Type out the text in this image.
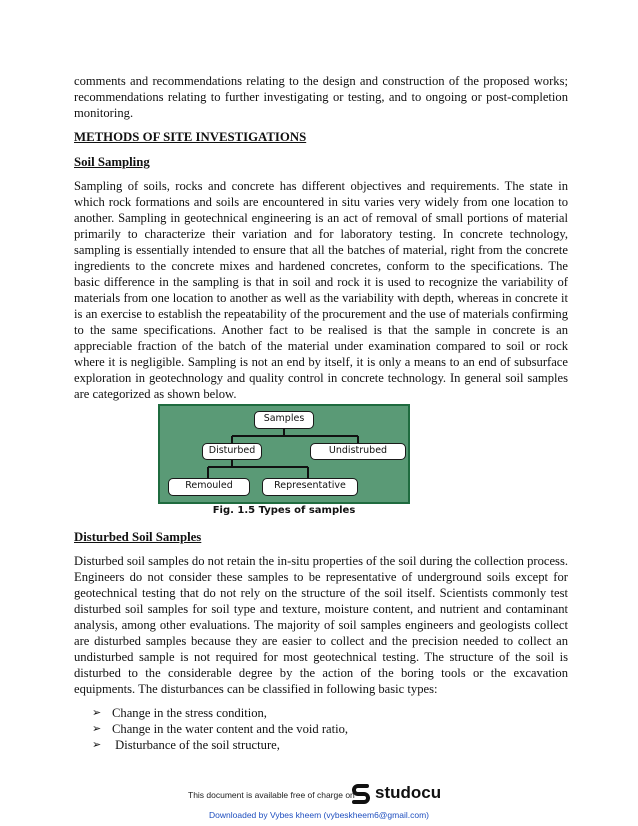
comments and recommendations relating to the design and construction of the proposed works; recommendations relating to further investigating or testing, and to ongoing or post-completion monitoring.

METHODS OF SITE INVESTIGATIONS

Soil Sampling

Sampling of soils, rocks and concrete has different objectives and requirements. The state in which rock formations and soils are encountered in situ varies very widely from one location to another. Sampling in geotechnical engineering is an act of removal of small portions of material primarily to characterize their variation and for laboratory testing. In concrete technology, sampling is essentially intended to ensure that all the batches of material, right from the concrete ingredients to the concrete mixes and hardened concretes, conform to the specifications. The basic difference in the sampling is that in soil and rock it is used to recognize the variability of materials from one location to another as well as the variability with depth, whereas in concrete it is an exercise to establish the repeatability of the procurement and the use of materials confirming to the same specifications. Another fact to be realised is that the sample in concrete is an appreciable fraction of the batch of the material under examination compared to soil or rock where it is negligible. Sampling is not an end by itself, it is only a means to an end of subsurface exploration in geotechnology and quality control in concrete technology. In general soil samples are categorized as shown below.

Samples
Disturbed	Undistrubed
Remouled	Representative
Fig. 1.5 Types of samples

Disturbed Soil Samples

Disturbed soil samples do not retain the in-situ properties of the soil during the collection process. Engineers do not consider these samples to be representative of underground soils except for geotechnical testing that do not rely on the structure of the soil itself. Scientists commonly test disturbed soil samples for soil type and texture, moisture content, and nutrient and contaminant analysis, among other evaluations. The majority of soil samples engineers and geologists collect are disturbed samples because they are easier to collect and the precision needed to collect an undisturbed sample is not required for most geotechnical testing. The structure of the soil is disturbed to the considerable degree by the action of the boring tools or the excavation equipments. The disturbances can be classified in following basic types:

➢ Change in the stress condition,
➢ Change in the water content and the void ratio,
➢ Disturbance of the soil structure,
This document is available free of charge on studocu
Downloaded by Vybes kheem (vybeskheem6@gmail.com)
